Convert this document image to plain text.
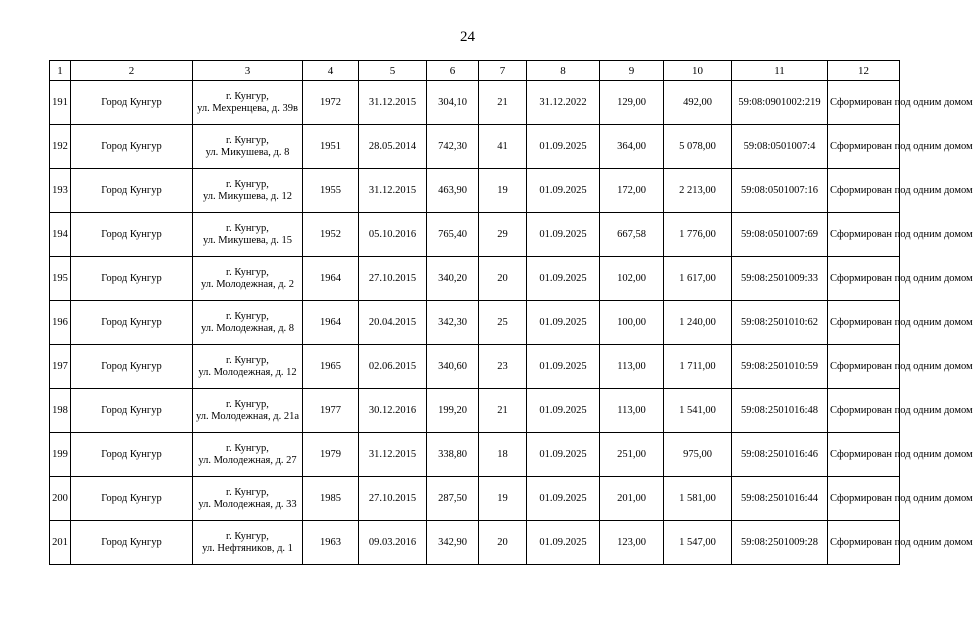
24
1	2	3	4	5	6	7	8	9	10	11	12
191	Город Кунгур	г. Кунгур,
ул. Мехренцева, д. 39в	1972	31.12.2015	304,10	21	31.12.2022	129,00	492,00	59:08:0901002:219	Сформирован под одним домом
192	Город Кунгур	г. Кунгур,
ул. Микушева, д. 8	1951	28.05.2014	742,30	41	01.09.2025	364,00	5 078,00	59:08:0501007:4	Сформирован под одним домом
193	Город Кунгур	г. Кунгур,
ул. Микушева, д. 12	1955	31.12.2015	463,90	19	01.09.2025	172,00	2 213,00	59:08:0501007:16	Сформирован под одним домом
194	Город Кунгур	г. Кунгур,
ул. Микушева, д. 15	1952	05.10.2016	765,40	29	01.09.2025	667,58	1 776,00	59:08:0501007:69	Сформирован под одним домом
195	Город Кунгур	г. Кунгур,
ул. Молодежная, д. 2	1964	27.10.2015	340,20	20	01.09.2025	102,00	1 617,00	59:08:2501009:33	Сформирован под одним домом
196	Город Кунгур	г. Кунгур,
ул. Молодежная, д. 8	1964	20.04.2015	342,30	25	01.09.2025	100,00	1 240,00	59:08:2501010:62	Сформирован под одним домом
197	Город Кунгур	г. Кунгур,
ул. Молодежная, д. 12	1965	02.06.2015	340,60	23	01.09.2025	113,00	1 711,00	59:08:2501010:59	Сформирован под одним домом
198	Город Кунгур	г. Кунгур,
ул. Молодежная, д. 21а	1977	30.12.2016	199,20	21	01.09.2025	113,00	1 541,00	59:08:2501016:48	Сформирован под одним домом
199	Город Кунгур	г. Кунгур,
ул. Молодежная, д. 27	1979	31.12.2015	338,80	18	01.09.2025	251,00	975,00	59:08:2501016:46	Сформирован под одним домом
200	Город Кунгур	г. Кунгур,
ул. Молодежная, д. 33	1985	27.10.2015	287,50	19	01.09.2025	201,00	1 581,00	59:08:2501016:44	Сформирован под одним домом
201	Город Кунгур	г. Кунгур,
ул. Нефтяников, д. 1	1963	09.03.2016	342,90	20	01.09.2025	123,00	1 547,00	59:08:2501009:28	Сформирован под одним домом
